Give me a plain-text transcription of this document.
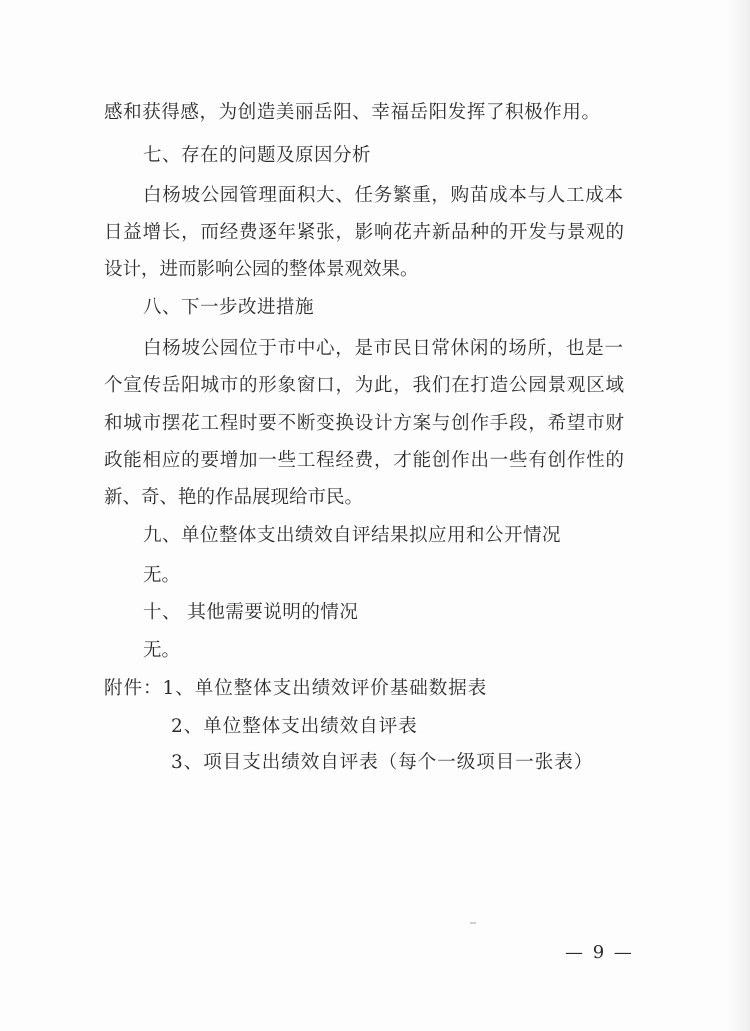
感和获得感，为创造美丽岳阳、幸福岳阳发挥了积极作用。
七、存在的问题及原因分析
白杨坡公园管理面积大、任务繁重，购苗成本与人工成本
日益增长，而经费逐年紧张，影响花卉新品种的开发与景观的
设计，进而影响公园的整体景观效果。
八、下一步改进措施
白杨坡公园位于市中心，是市民日常休闲的场所，也是一
个宣传岳阳城市的形象窗口，为此，我们在打造公园景观区域
和城市摆花工程时要不断变换设计方案与创作手段，希望市财
政能相应的要增加一些工程经费，才能创作出一些有创作性的
新、奇、艳的作品展现给市民。
九、单位整体支出绩效自评结果拟应用和公开情况
无。
十、 其他需要说明的情况
无。
附件：1、单位整体支出绩效评价基础数据表
2、单位整体支出绩效自评表
3、项目支出绩效自评表（每个一级项目一张表）
— 9 —
